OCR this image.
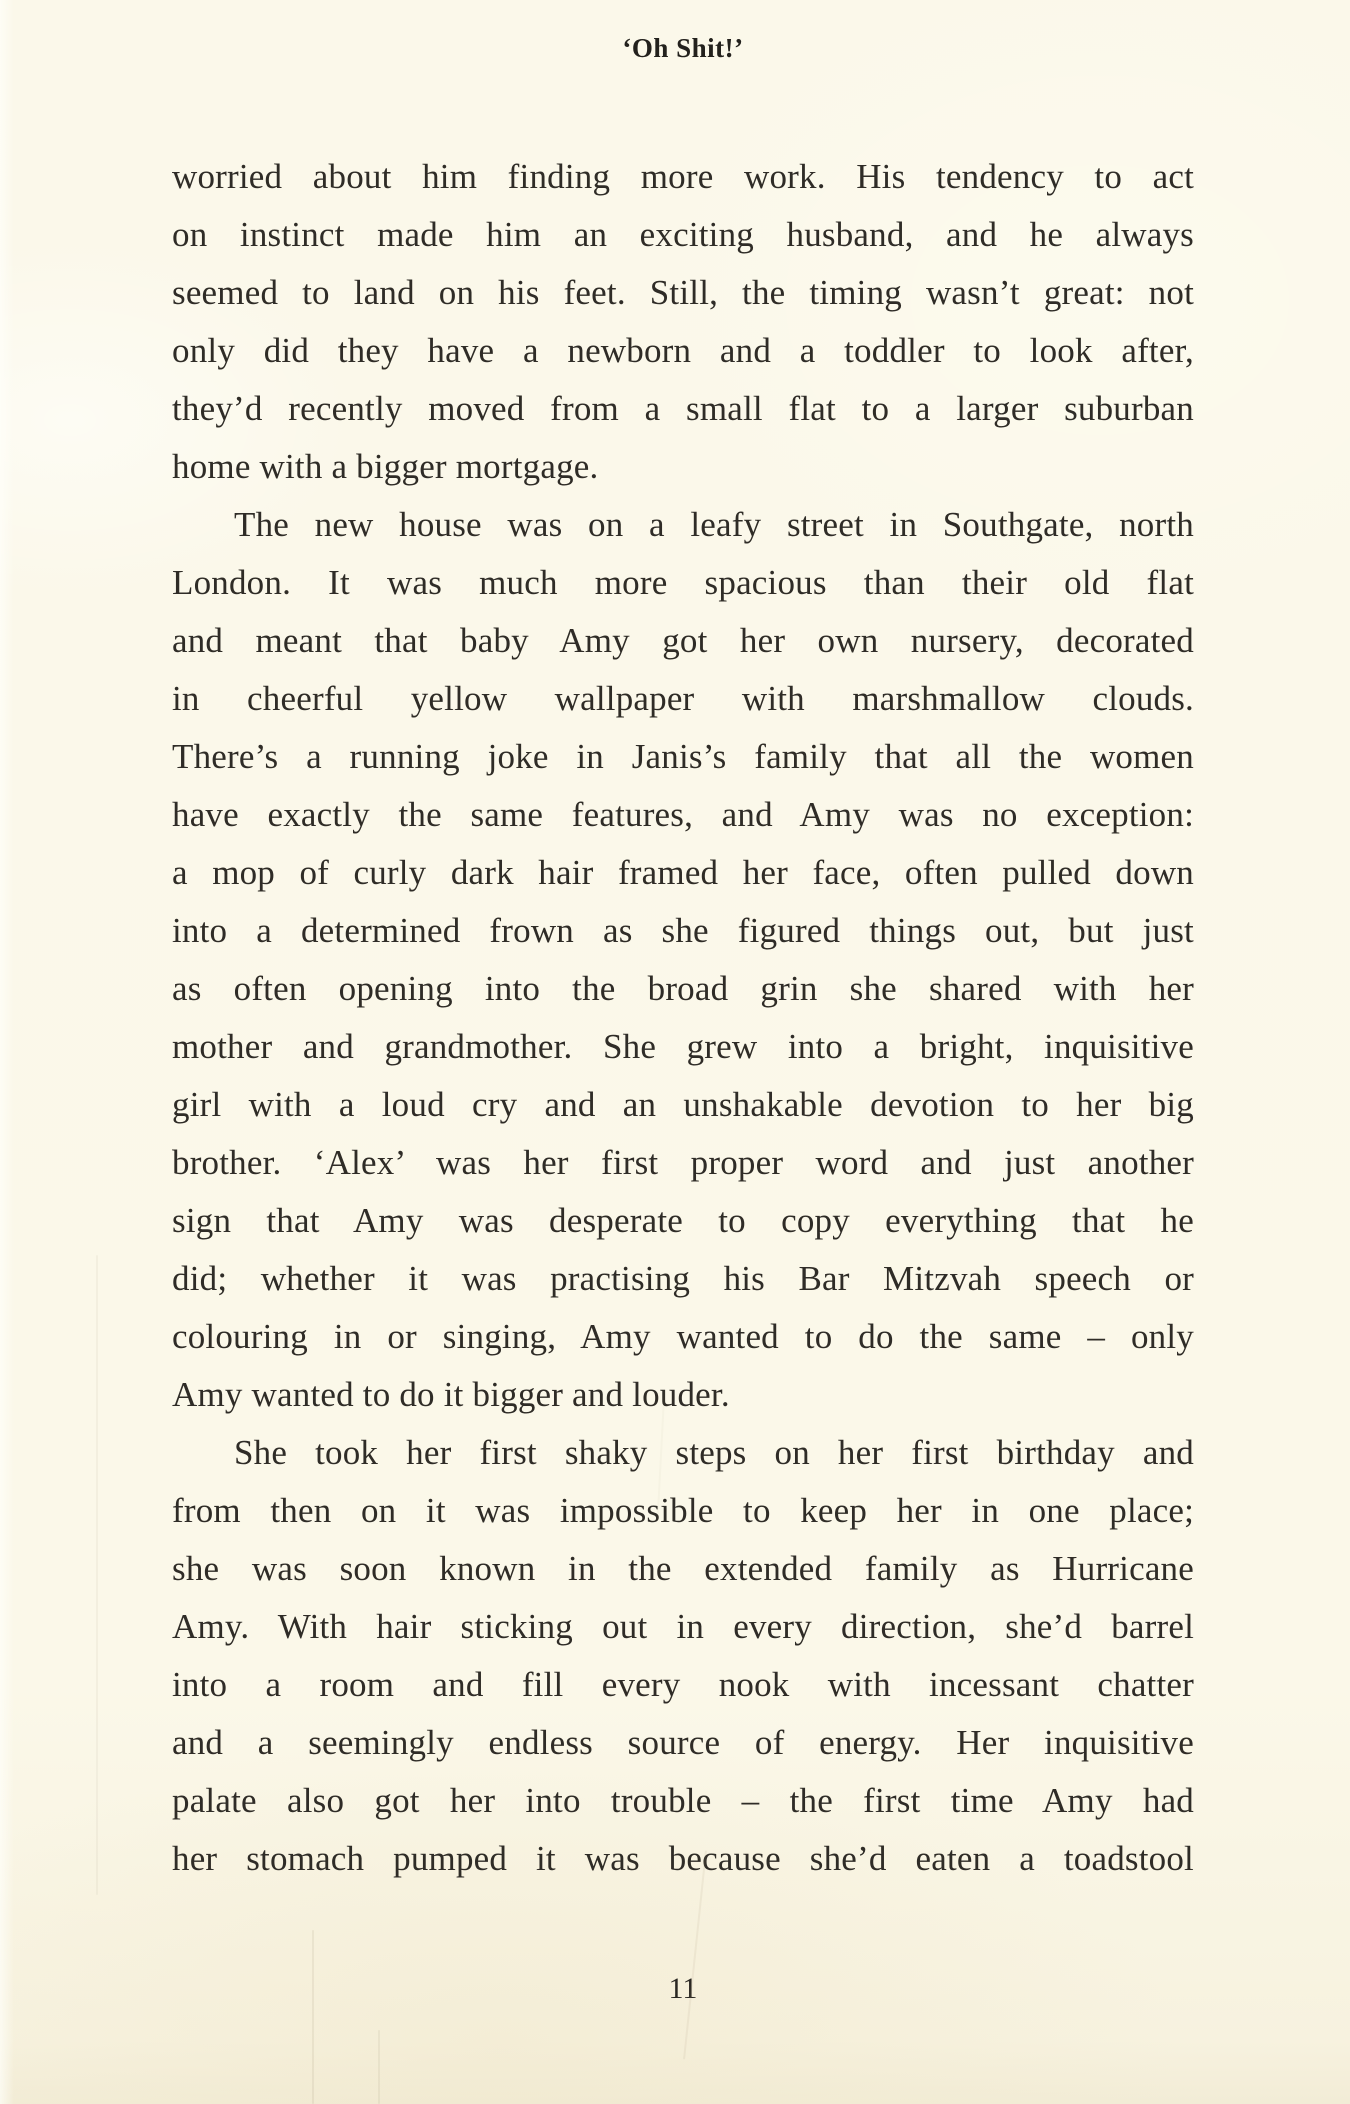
‘Oh Shit!’
worried about him finding more work. His tendency to act
on instinct made him an exciting husband, and he always
seemed to land on his feet. Still, the timing wasn’t great: not
only did they have a newborn and a toddler to look after,
they’d recently moved from a small flat to a larger suburban
home with a bigger mortgage.
The new house was on a leafy street in Southgate, north
London. It was much more spacious than their old flat
and meant that baby Amy got her own nursery, decorated
in cheerful yellow wallpaper with marshmallow clouds.
There’s a running joke in Janis’s family that all the women
have exactly the same features, and Amy was no exception:
a mop of curly dark hair framed her face, often pulled down
into a determined frown as she figured things out, but just
as often opening into the broad grin she shared with her
mother and grandmother. She grew into a bright, inquisitive
girl with a loud cry and an unshakable devotion to her big
brother. ‘Alex’ was her first proper word and just another
sign that Amy was desperate to copy everything that he
did; whether it was practising his Bar Mitzvah speech or
colouring in or singing, Amy wanted to do the same – only
Amy wanted to do it bigger and louder.
She took her first shaky steps on her first birthday and
from then on it was impossible to keep her in one place;
she was soon known in the extended family as Hurricane
Amy. With hair sticking out in every direction, she’d barrel
into a room and fill every nook with incessant chatter
and a seemingly endless source of energy. Her inquisitive
palate also got her into trouble – the first time Amy had
her stomach pumped it was because she’d eaten a toadstool
11
